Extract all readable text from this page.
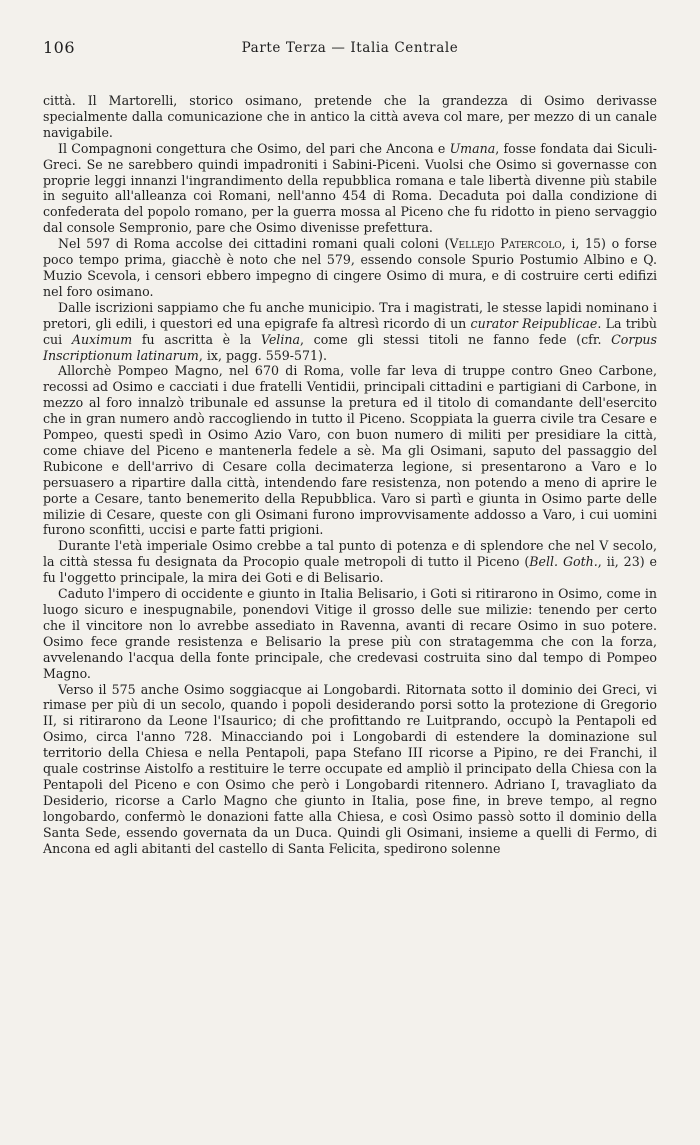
106	Parte Terza — Italia Centrale

città. Il Martorelli, storico osimano, pretende che la grandezza di Osimo derivasse specialmente dalla comunicazione che in antico la città aveva col mare, per mezzo di un canale navigabile.

Il Compagnoni congettura che Osimo, del pari che Ancona e Umana, fosse fondata dai Siculi-Greci. Se ne sarebbero quindi impadroniti i Sabini-Piceni. Vuolsi che Osimo si governasse con proprie leggi innanzi l'ingrandimento della repubblica romana e tale libertà divenne più stabile in seguito all'alleanza coi Romani, nell'anno 454 di Roma. Decaduta poi dalla condizione di confederata del popolo romano, per la guerra mossa al Piceno che fu ridotto in pieno servaggio dal console Sempronio, pare che Osimo divenisse prefettura.

Nel 597 di Roma accolse dei cittadini romani quali coloni (Vellejo Patercolo, i, 15) o forse poco tempo prima, giacchè è noto che nel 579, essendo console Spurio Postumio Albino e Q. Muzio Scevola, i censori ebbero impegno di cingere Osimo di mura, e di costruire certi edifizi nel foro osimano.

Dalle iscrizioni sappiamo che fu anche municipio. Tra i magistrati, le stesse lapidi nominano i pretori, gli edili, i questori ed una epigrafe fa altresì ricordo di un curator Reipublicae. La tribù cui Auximum fu ascritta è la Velina, come gli stessi titoli ne fanno fede (cfr. Corpus Inscriptionum latinarum, ix, pagg. 559-571).

Allorchè Pompeo Magno, nel 670 di Roma, volle far leva di truppe contro Gneo Carbone, recossi ad Osimo e cacciati i due fratelli Ventidii, principali cittadini e partigiani di Carbone, in mezzo al foro innalzò tribunale ed assunse la pretura ed il titolo di comandante dell'esercito che in gran numero andò raccogliendo in tutto il Piceno. Scoppiata la guerra civile tra Cesare e Pompeo, questi spedì in Osimo Azio Varo, con buon numero di militi per presidiare la città, come chiave del Piceno e mantenerla fedele a sè. Ma gli Osimani, saputo del passaggio del Rubicone e dell'arrivo di Cesare colla decimaterza legione, si presentarono a Varo e lo persuasero a ripartire dalla città, intendendo fare resistenza, non potendo a meno di aprire le porte a Cesare, tanto benemerito della Repubblica. Varo si partì e giunta in Osimo parte delle milizie di Cesare, queste con gli Osimani furono improvvisamente addosso a Varo, i cui uomini furono sconfitti, uccisi e parte fatti prigioni.

Durante l'età imperiale Osimo crebbe a tal punto di potenza e di splendore che nel V secolo, la città stessa fu designata da Procopio quale metropoli di tutto il Piceno (Bell. Goth., ii, 23) e fu l'oggetto principale, la mira dei Goti e di Belisario.

Caduto l'impero di occidente e giunto in Italia Belisario, i Goti si ritirarono in Osimo, come in luogo sicuro e inespugnabile, ponendovi Vitige il grosso delle sue milizie: tenendo per certo che il vincitore non lo avrebbe assediato in Ravenna, avanti di recare Osimo in suo potere. Osimo fece grande resistenza e Belisario la prese più con stratagemma che con la forza, avvelenando l'acqua della fonte principale, che credevasi costruita sino dal tempo di Pompeo Magno.

Verso il 575 anche Osimo soggiacque ai Longobardi. Ritornata sotto il dominio dei Greci, vi rimase per più di un secolo, quando i popoli desiderando porsi sotto la protezione di Gregorio II, si ritirarono da Leone l'Isaurico; di che profittando re Luitprando, occupò la Pentapoli ed Osimo, circa l'anno 728. Minacciando poi i Longobardi di estendere la dominazione sul territorio della Chiesa e nella Pentapoli, papa Stefano III ricorse a Pipino, re dei Franchi, il quale costrinse Aistolfo a restituire le terre occupate ed ampliò il principato della Chiesa con la Pentapoli del Piceno e con Osimo che però i Longobardi ritennero. Adriano I, travagliato da Desiderio, ricorse a Carlo Magno che giunto in Italia, pose fine, in breve tempo, al regno longobardo, confermò le donazioni fatte alla Chiesa, e così Osimo passò sotto il dominio della Santa Sede, essendo governata da un Duca. Quindi gli Osimani, insieme a quelli di Fermo, di Ancona ed agli abitanti del castello di Santa Felicita, spedirono solenne
